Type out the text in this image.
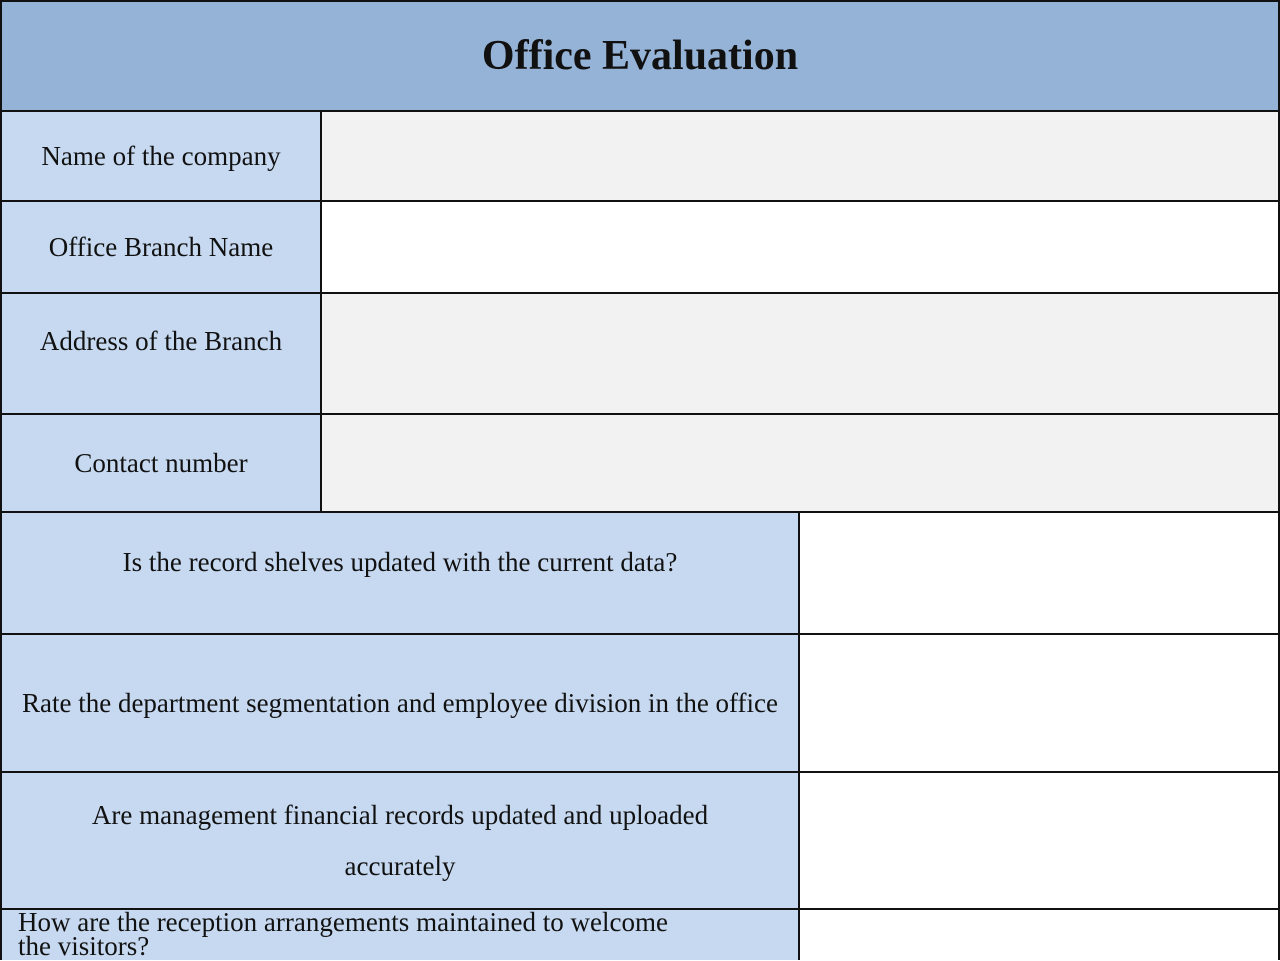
Office Evaluation
Name of the company
Office Branch Name
Address of the Branch
Contact number
Is the record shelves updated with the current data?
Rate the department segmentation and employee division in the office
Are management financial records updated and uploaded accurately
How are the reception arrangements maintained to welcome the visitors?
